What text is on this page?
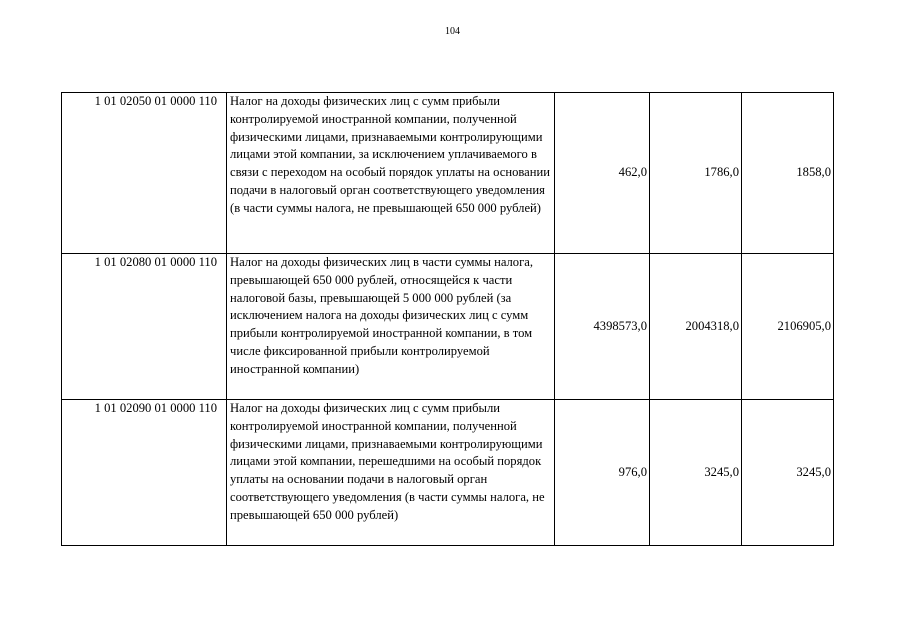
104
1 01 02050 01 0000 110	Налог на доходы физических лиц с сумм прибыли контролируемой иностранной компании, полученной физическими лицами, признаваемыми контролирующими лицами этой компании, за исключением уплачиваемого в связи с переходом на особый порядок уплаты на основании подачи в налоговый орган соответствующего уведомления (в части суммы налога, не превышающей 650 000 рублей)	462,0	1786,0	1858,0
1 01 02080 01 0000 110	Налог на доходы физических лиц в части суммы налога, превышающей 650 000 рублей, относящейся к части налоговой базы, превышающей 5 000 000 рублей (за исключением налога на доходы физических лиц с сумм прибыли контролируемой иностранной компании, в том числе фиксированной прибыли контролируемой иностранной компании)	4398573,0	2004318,0	2106905,0
1 01 02090 01 0000 110	Налог на доходы физических лиц с сумм прибыли контролируемой иностранной компании, полученной физическими лицами, признаваемыми контролирующими лицами этой компании, перешедшими на особый порядок уплаты на основании подачи в налоговый орган соответствующего уведомления (в части суммы налога, не превышающей 650 000 рублей)	976,0	3245,0	3245,0
